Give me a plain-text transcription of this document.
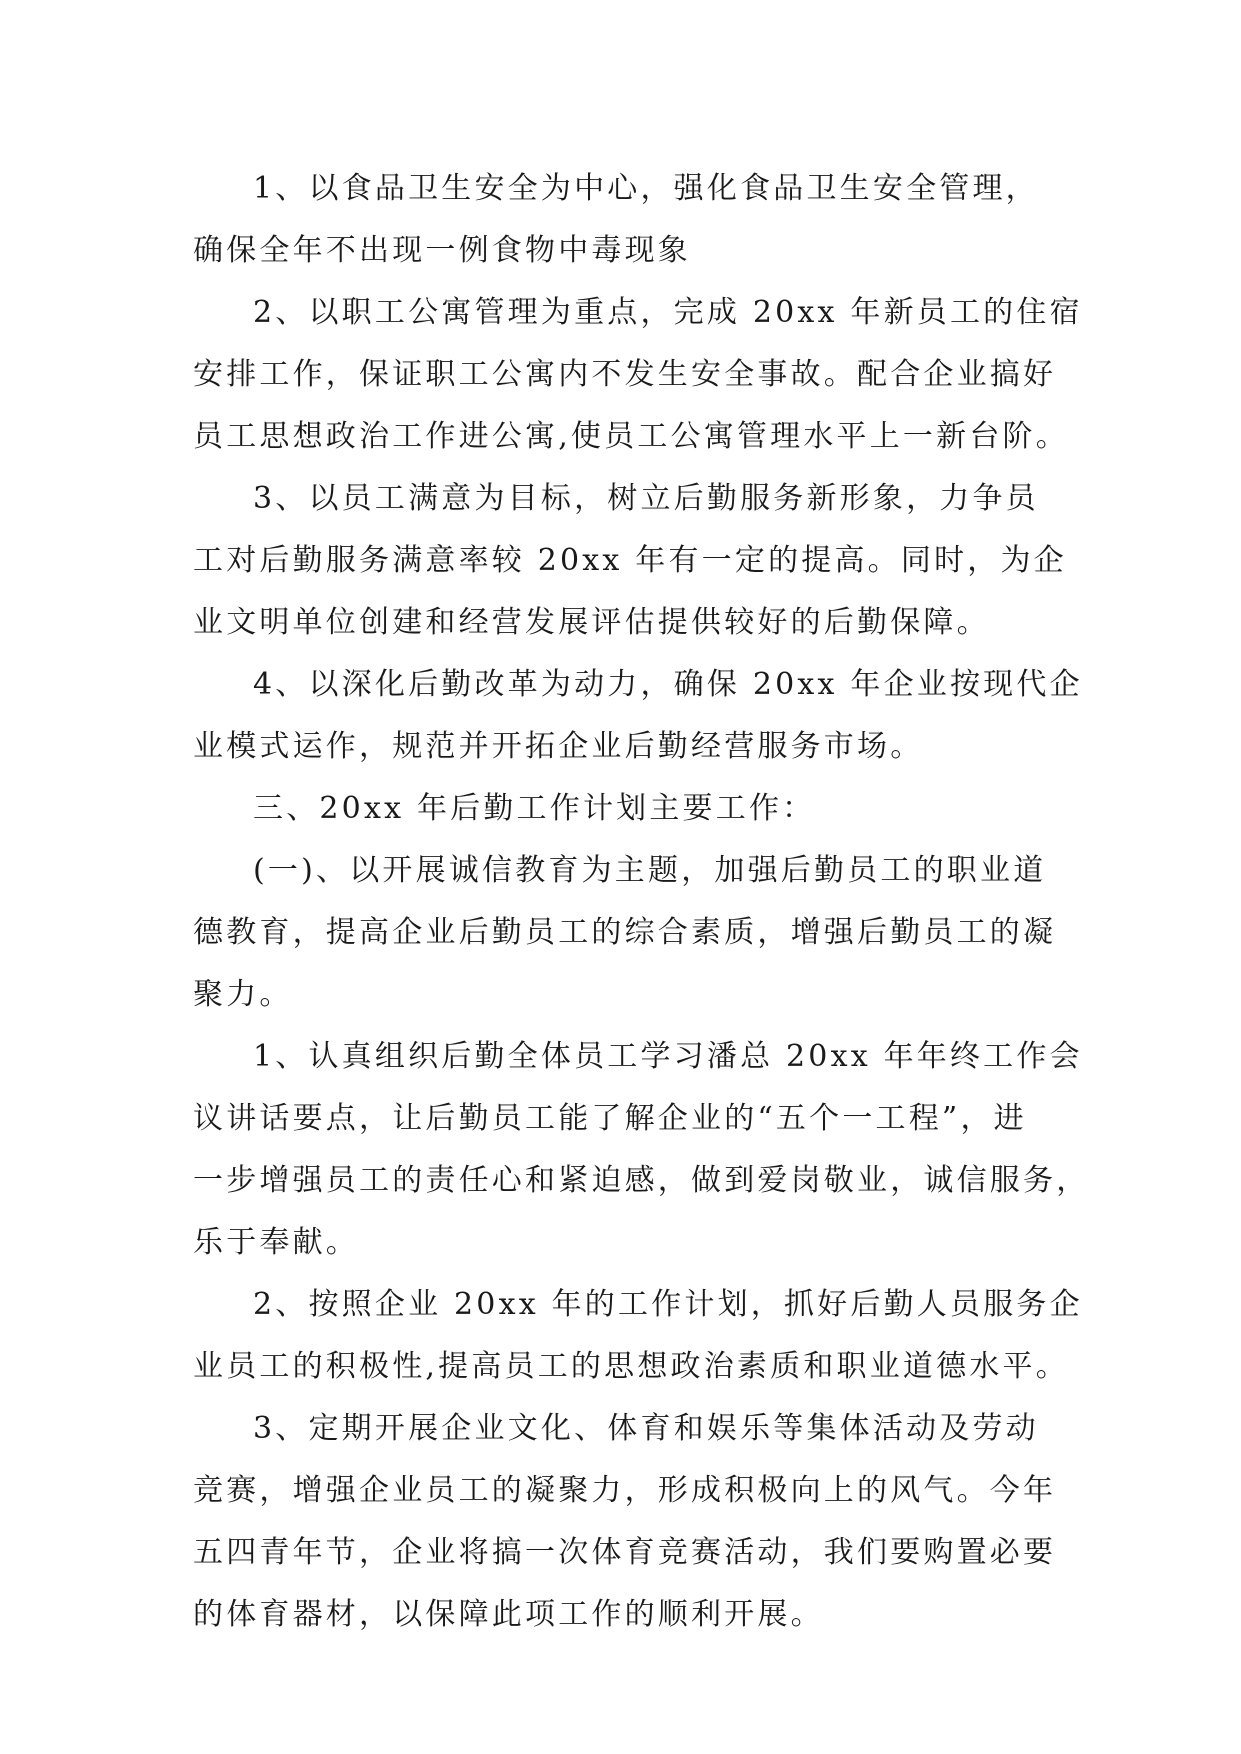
1、以食品卫生安全为中心，强化食品卫生安全管理，
确保全年不出现一例食物中毒现象
2、以职工公寓管理为重点，完成 20xx 年新员工的住宿
安排工作，保证职工公寓内不发生安全事故。配合企业搞好
员工思想政治工作进公寓,使员工公寓管理水平上一新台阶。
3、以员工满意为目标，树立后勤服务新形象，力争员
工对后勤服务满意率较 20xx 年有一定的提高。同时，为企
业文明单位创建和经营发展评估提供较好的后勤保障。
4、以深化后勤改革为动力，确保 20xx 年企业按现代企
业模式运作，规范并开拓企业后勤经营服务市场。
三、20xx 年后勤工作计划主要工作：
(一)、以开展诚信教育为主题，加强后勤员工的职业道
德教育，提高企业后勤员工的综合素质，增强后勤员工的凝
聚力。
1、认真组织后勤全体员工学习潘总 20xx 年年终工作会
议讲话要点，让后勤员工能了解企业的“五个一工程”，进
一步增强员工的责任心和紧迫感，做到爱岗敬业，诚信服务，
乐于奉献。
2、按照企业 20xx 年的工作计划，抓好后勤人员服务企
业员工的积极性,提高员工的思想政治素质和职业道德水平。
3、定期开展企业文化、体育和娱乐等集体活动及劳动
竞赛，增强企业员工的凝聚力，形成积极向上的风气。今年
五四青年节，企业将搞一次体育竞赛活动，我们要购置必要
的体育器材，以保障此项工作的顺利开展。
